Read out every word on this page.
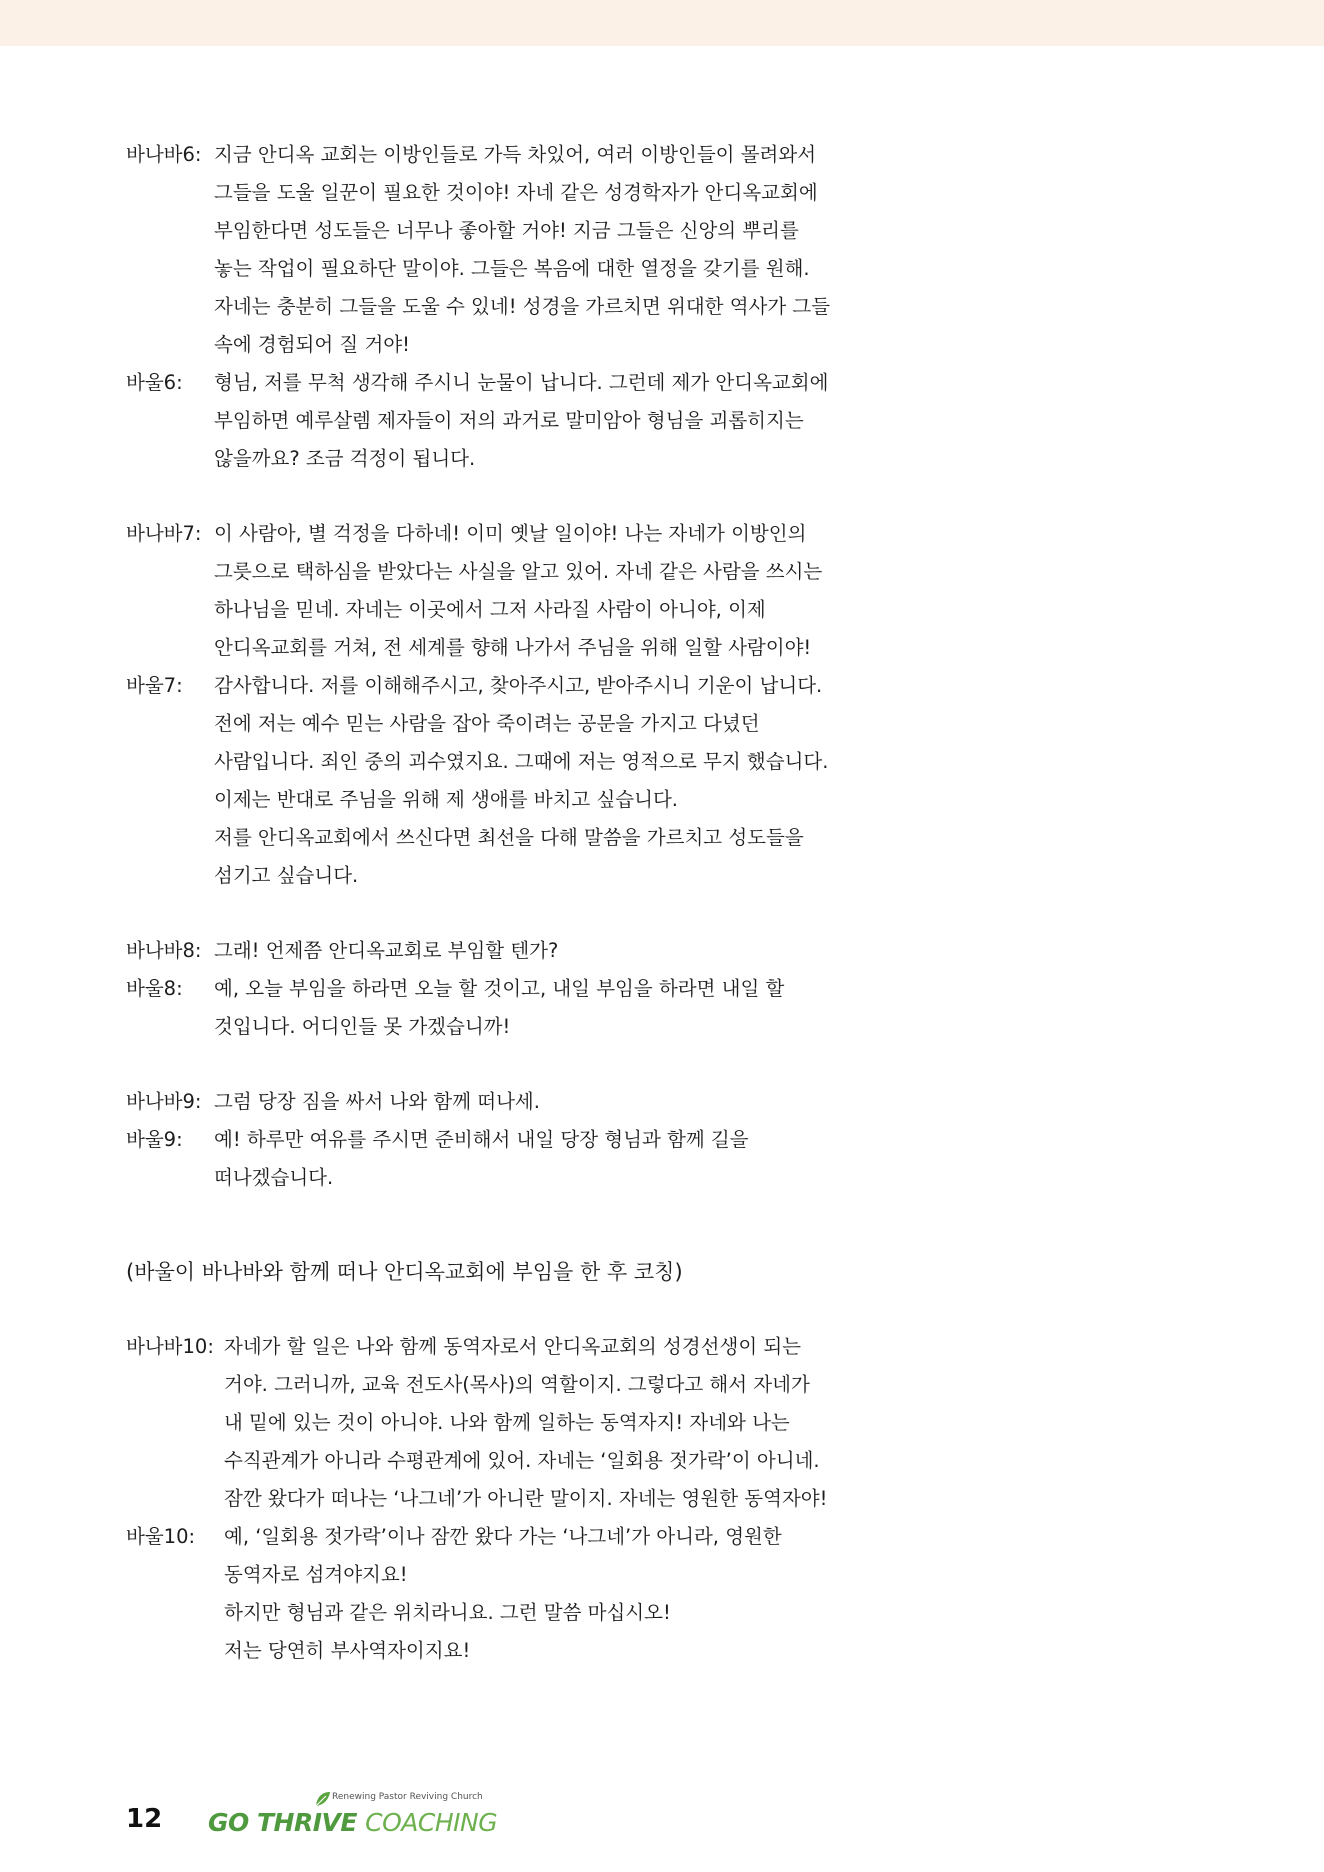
바나바6: 지금 안디옥 교회는 이방인들로 가득 차있어, 여러 이방인들이 몰려와서
그들을 도울 일꾼이 필요한 것이야! 자네 같은 성경학자가 안디옥교회에
부임한다면 성도들은 너무나 좋아할 거야! 지금 그들은 신앙의 뿌리를
놓는 작업이 필요하단 말이야. 그들은 복음에 대한 열정을 갖기를 원해.
자네는 충분히 그들을 도울 수 있네! 성경을 가르치면 위대한 역사가 그들
속에 경험되어 질 거야!
바울6:	형님, 저를 무척 생각해 주시니 눈물이 납니다. 그런데 제가 안디옥교회에
부임하면 예루살렘 제자들이 저의 과거로 말미암아 형님을 괴롭히지는
않을까요? 조금 걱정이 됩니다.
바나바7: 이 사람아, 별 걱정을 다하네! 이미 옛날 일이야! 나는 자네가 이방인의
그릇으로 택하심을 받았다는 사실을 알고 있어. 자네 같은 사람을 쓰시는
하나님을 믿네. 자네는 이곳에서 그저 사라질 사람이 아니야, 이제
안디옥교회를 거쳐, 전 세계를 향해 나가서 주님을 위해 일할 사람이야!
바울7:	감사합니다. 저를 이해해주시고, 찾아주시고, 받아주시니 기운이 납니다.
전에 저는 예수 믿는 사람을 잡아 죽이려는 공문을 가지고 다녔던
사람입니다. 죄인 중의 괴수였지요. 그때에 저는 영적으로 무지 했습니다.
이제는 반대로 주님을 위해 제 생애를 바치고 싶습니다.
저를 안디옥교회에서 쓰신다면 최선을 다해 말씀을 가르치고 성도들을
섬기고 싶습니다.
바나바8: 그래! 언제쯤 안디옥교회로 부임할 텐가?
바울8:	예, 오늘 부임을 하라면 오늘 할 것이고, 내일 부임을 하라면 내일 할
것입니다. 어디인들 못 가겠습니까!
바나바9: 그럼 당장 짐을 싸서 나와 함께 떠나세.
바울9:	예! 하루만 여유를 주시면 준비해서 내일 당장 형님과 함께 길을
떠나겠습니다.
(바울이 바나바와 함께 떠나 안디옥교회에 부임을 한 후 코칭)
바나바10: 자네가 할 일은 나와 함께 동역자로서 안디옥교회의 성경선생이 되는
거야. 그러니까, 교육 전도사(목사)의 역할이지. 그렇다고 해서 자네가
내 밑에 있는 것이 아니야. 나와 함께 일하는 동역자지! 자네와 나는
수직관계가 아니라 수평관계에 있어. 자네는 ‘일회용 젓가락’이 아니네.
잠깐 왔다가 떠나는 ‘나그네’가 아니란 말이지. 자네는 영원한 동역자야!
바울10:	예, ‘일회용 젓가락’이나 잠깐 왔다 가는 ‘나그네’가 아니라, 영원한
동역자로 섬겨야지요!
하지만 형님과 같은 위치라니요. 그런 말씀 마십시오!
저는 당연히 부사역자이지요!
12
Renewing Pastor Reviving Church
GO THRIVE COACHING
